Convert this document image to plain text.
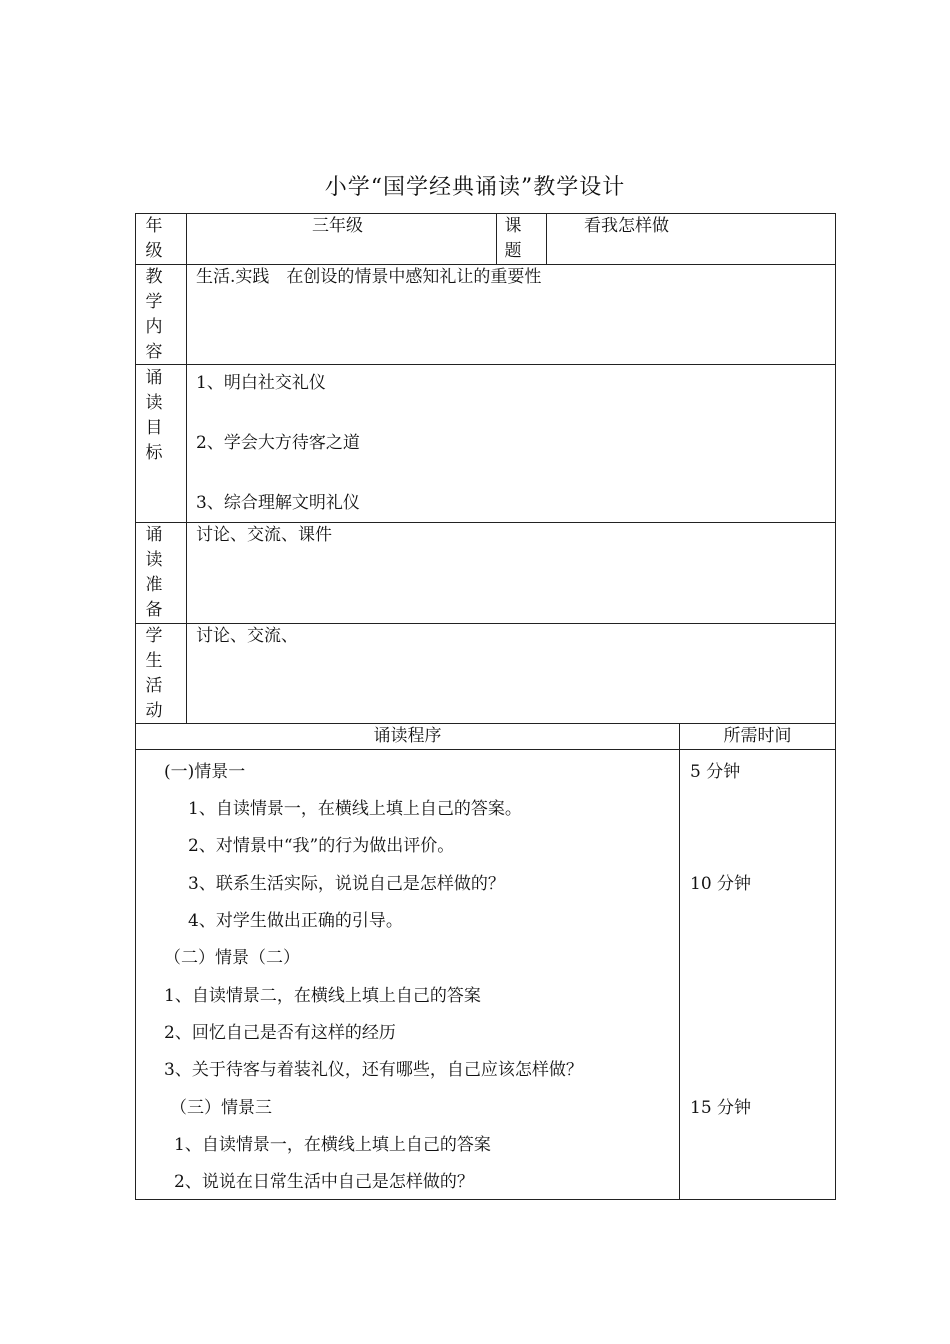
小学“国学经典诵读”教学设计
年
级
三年级	课
题
看我怎样做
教
学
内
容
生活.实践　在创设的情景中感知礼让的重要性
诵
读
目
标
1、明白社交礼仪
2、学会大方待客之道
3、综合理解文明礼仪
诵
读
准
备
讨论、交流、课件
学
生
活
动
讨论、交流、
诵读程序	所需时间
(一)情景一
1、自读情景一，在横线上填上自己的答案。
2、对情景中“我”的行为做出评价。
3、联系生活实际，说说自己是怎样做的？
4、对学生做出正确的引导。
（二）情景（二）
1、自读情景二，在横线上填上自己的答案
2、回忆自己是否有这样的经历
3、关于待客与着装礼仪，还有哪些，自己应该怎样做？
（三）情景三
1、自读情景一，在横线上填上自己的答案
2、说说在日常生活中自己是怎样做的？
5 分钟
10 分钟
15 分钟
